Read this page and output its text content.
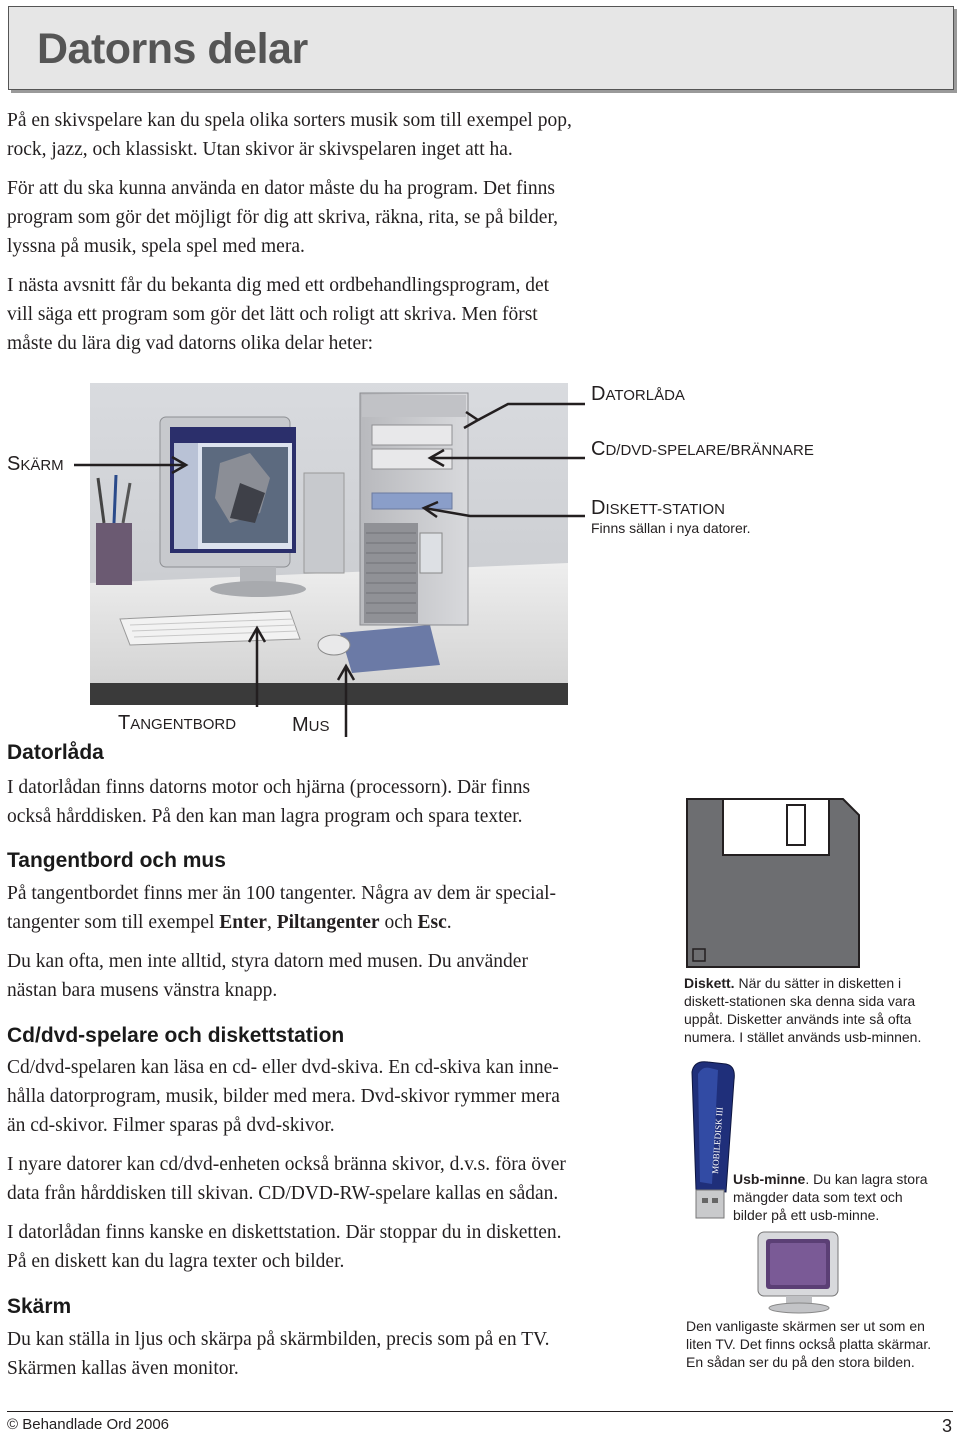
Datorns delar
På en skivspelare kan du spela olika sorters musik som till exempel pop,
rock, jazz, och klassiskt. Utan skivor är skivspelaren inget att ha.
För att du ska kunna använda en dator måste du ha program. Det finns
program som gör det möjligt för dig att skriva, räkna, rita, se på bilder,
lyssna på musik, spela spel med mera.
I nästa avsnitt får du bekanta dig med ett ordbehandlingsprogram, det
vill säga ett program som gör det lätt och roligt att skriva. Men först
måste du lära dig vad datorns olika delar heter:
DATORLÅDA
SKÄRM
CD/DVD-SPELARE/BRÄNNARE
DISKETT-STATION
Finns sällan i nya datorer.
TANGENTBORD	MUS
Datorlåda
I datorlådan finns datorns motor och hjärna (processorn). Där finns
också hårddisken. På den kan man lagra program och spara texter.
Tangentbord och mus
På tangentbordet finns mer än 100 tangenter. Några av dem är special-
tangenter som till exempel Enter, Piltangenter och Esc.
Du kan ofta, men inte alltid, styra datorn med musen. Du använder
nästan bara musens vänstra knapp.
Cd/dvd-spelare och diskettstation
Cd/dvd-spelaren kan läsa en cd- eller dvd-skiva. En cd-skiva kan inne-
hålla datorprogram, musik, bilder med mera. Dvd-skivor rymmer mera
än cd-skivor. Filmer sparas på dvd-skivor.
I nyare datorer kan cd/dvd-enheten också bränna skivor, d.v.s. föra över
data från hårddisken till skivan. CD/DVD-RW-spelare kallas en sådan.
I datorlådan finns kanske en diskettstation. Där stoppar du in disketten.
På en diskett kan du lagra texter och bilder.
Skärm
Du kan ställa in ljus och skärpa på skärmbilden, precis som på en TV.
Skärmen kallas även monitor.
Diskett. När du sätter in disketten i
diskett-stationen ska denna sida vara
uppåt. Disketter används inte så ofta
numera. I stället används usb-minnen.
MOBILEDISK III
Usb-minne. Du kan lagra stora
mängder data som text och
bilder på ett usb-minne.
Den vanligaste skärmen ser ut som en
liten TV. Det finns också platta skärmar.
En sådan ser du på den stora bilden.
© Behandlade Ord 2006	3
